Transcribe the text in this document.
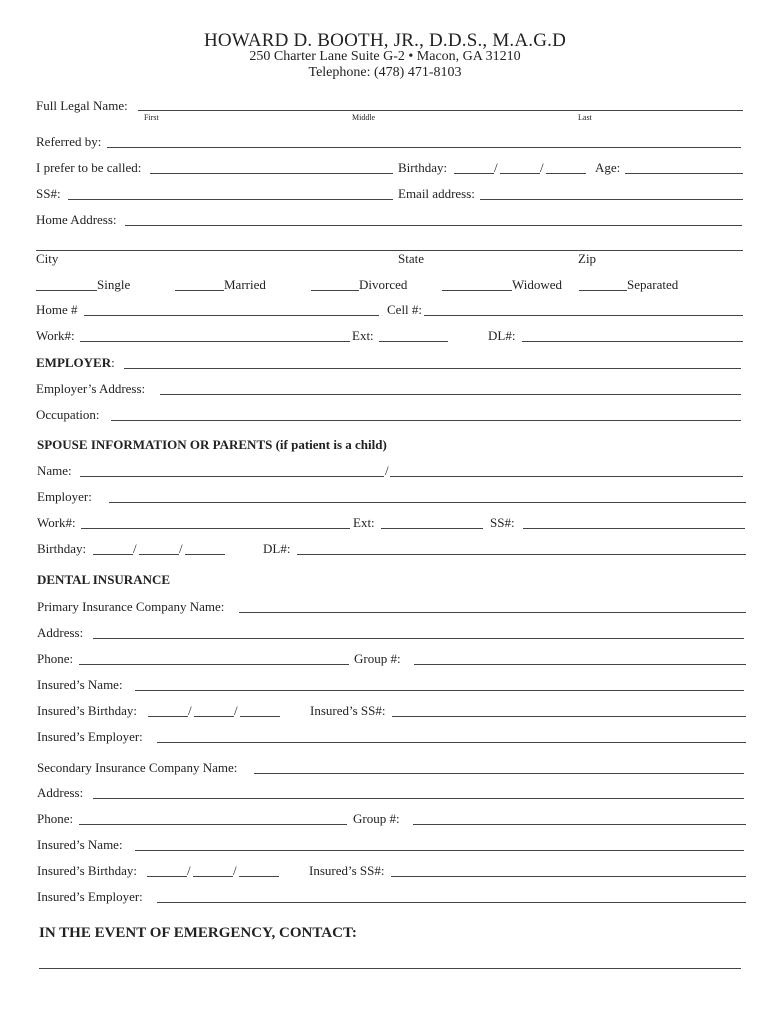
HOWARD D. BOOTH, JR., D.D.S., M.A.G.D
250 Charter Lane Suite G-2 • Macon, GA 31210
Telephone: (478) 471-8103
Full Legal Name:
First	Middle	Last
Referred by:
I prefer to be called:	Birthday:	/	/	Age:
SS#:	Email address:
Home Address:
City	State	Zip
Single	Married	Divorced	Widowed	Separated
Home #	Cell #:
Work#:	Ext:	DL#:
EMPLOYER:
Employer’s Address:
Occupation:
SPOUSE INFORMATION OR PARENTS (if patient is a child)
Name:	/
Employer:
Work#:	Ext:	SS#:
Birthday:	/	/	DL#:
DENTAL INSURANCE
Primary Insurance Company Name:
Address:
Phone:	Group #:
Insured’s Name:
Insured’s Birthday:	/	/	Insured’s SS#:
Insured’s Employer:
Secondary Insurance Company Name:
Address:
Phone:	Group #:
Insured’s Name:
Insured’s Birthday:	/	/	Insured’s SS#:
Insured’s Employer:
IN THE EVENT OF EMERGENCY, CONTACT:
